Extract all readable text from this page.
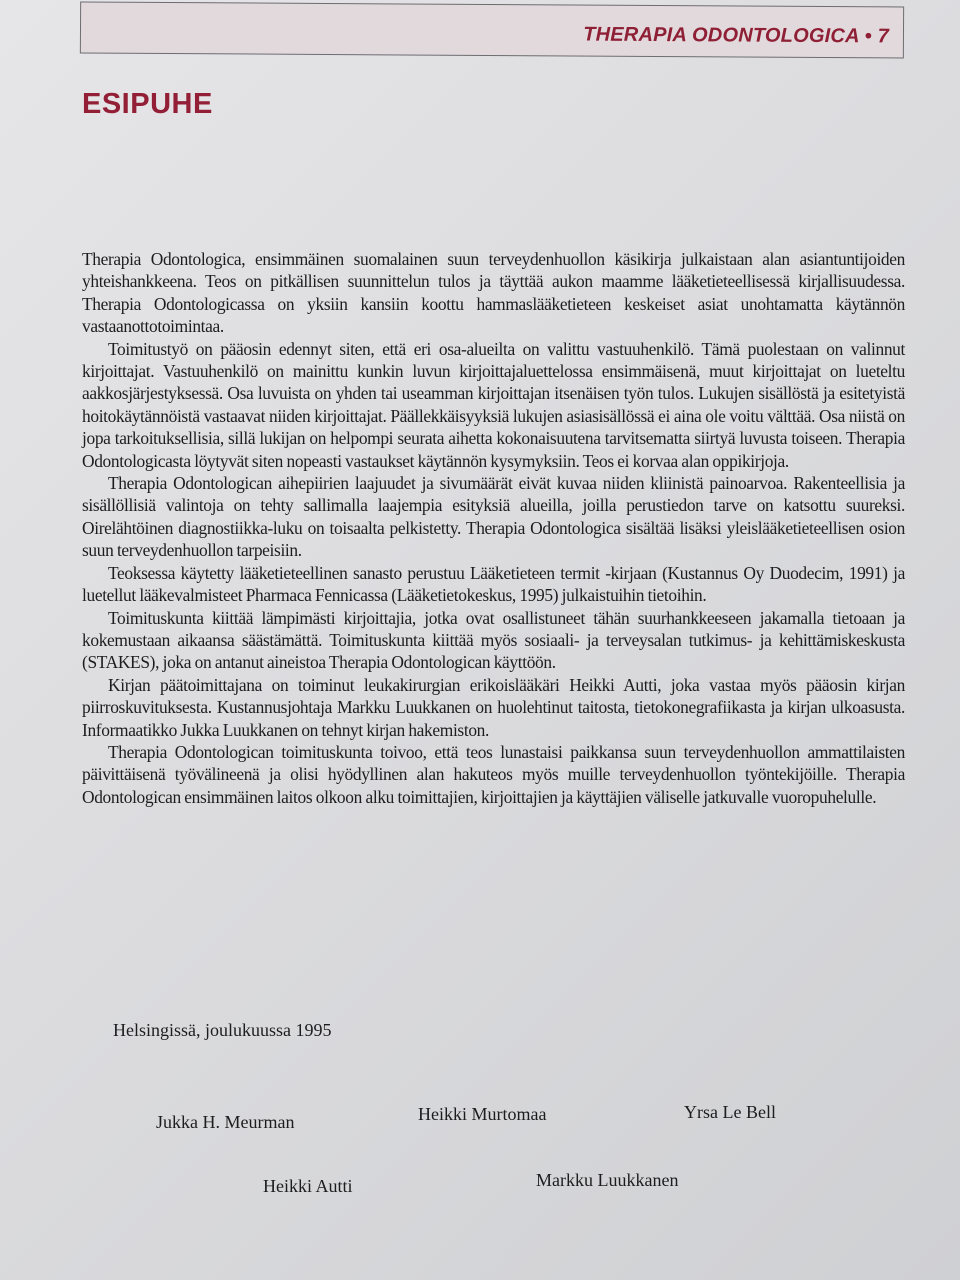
THERAPIA ODONTOLOGICA • 7
ESIPUHE

Therapia Odontologica, ensimmäinen suomalainen suun terveydenhuollon käsikirja julkaistaan alan asiantuntijoiden yhteishankkeena. Teos on pitkällisen suunnittelun tulos ja täyttää aukon maamme lääketieteellisessä kirjallisuudessa. Therapia Odontologicassa on yksiin kansiin koottu hammaslääketieteen keskeiset asiat unohtamatta käytännön vastaanottotoimintaa.

Toimitustyö on pääosin edennyt siten, että eri osa-alueilta on valittu vastuuhenkilö. Tämä puolestaan on valinnut kirjoittajat. Vastuuhenkilö on mainittu kunkin luvun kirjoittajaluettelossa ensimmäisenä, muut kirjoittajat on lueteltu aakkosjärjestyksessä. Osa luvuista on yhden tai useamman kirjoittajan itsenäisen työn tulos. Lukujen sisällöstä ja esitetyistä hoitokäytännöistä vastaavat niiden kirjoittajat. Päällekkäisyyksiä lukujen asiasisällössä ei aina ole voitu välttää. Osa niistä on jopa tarkoituksellisia, sillä lukijan on helpompi seurata aihetta kokonaisuutena tarvitsematta siirtyä luvusta toiseen. Therapia Odontologicasta löytyvät siten nopeasti vastaukset käytännön kysymyksiin. Teos ei korvaa alan oppikirjoja.

Therapia Odontologican aihepiirien laajuudet ja sivumäärät eivät kuvaa niiden kliinistä painoarvoa. Rakenteellisia ja sisällöllisiä valintoja on tehty sallimalla laajempia esityksiä alueilla, joilla perustiedon tarve on katsottu suureksi. Oirelähtöinen diagnostiikka-luku on toisaalta pelkistetty. Therapia Odontologica sisältää lisäksi yleislääketieteellisen osion suun terveydenhuollon tarpeisiin.

Teoksessa käytetty lääketieteellinen sanasto perustuu Lääketieteen termit -kirjaan (Kustannus Oy Duodecim, 1991) ja luetellut lääkevalmisteet Pharmaca Fennicassa (Lääketietokeskus, 1995) julkaistuihin tietoihin.

Toimituskunta kiittää lämpimästi kirjoittajia, jotka ovat osallistuneet tähän suurhankkeeseen jakamalla tietoaan ja kokemustaan aikaansa säästämättä. Toimituskunta kiittää myös sosiaali- ja terveysalan tutkimus- ja kehittämiskeskusta (STAKES), joka on antanut aineistoa Therapia Odontologican käyttöön.

Kirjan päätoimittajana on toiminut leukakirurgian erikoislääkäri Heikki Autti, joka vastaa myös pääosin kirjan piirroskuvituksesta. Kustannusjohtaja Markku Luukkanen on huolehtinut taitosta, tietokonegrafiikasta ja kirjan ulkoasusta. Informaatikko Jukka Luukkanen on tehnyt kirjan hakemiston.

Therapia Odontologican toimituskunta toivoo, että teos lunastaisi paikkansa suun terveydenhuollon ammattilaisten päivittäisenä työvälineenä ja olisi hyödyllinen alan hakuteos myös muille terveydenhuollon työntekijöille. Therapia Odontologican ensimmäinen laitos olkoon alku toimittajien, kirjoittajien ja käyttäjien väliselle jatkuvalle vuoropuhelulle.

Helsingissä, joulukuussa 1995
Jukka H. Meurman	Heikki Murtomaa	Yrsa Le Bell
Heikki Autti	Markku Luukkanen
